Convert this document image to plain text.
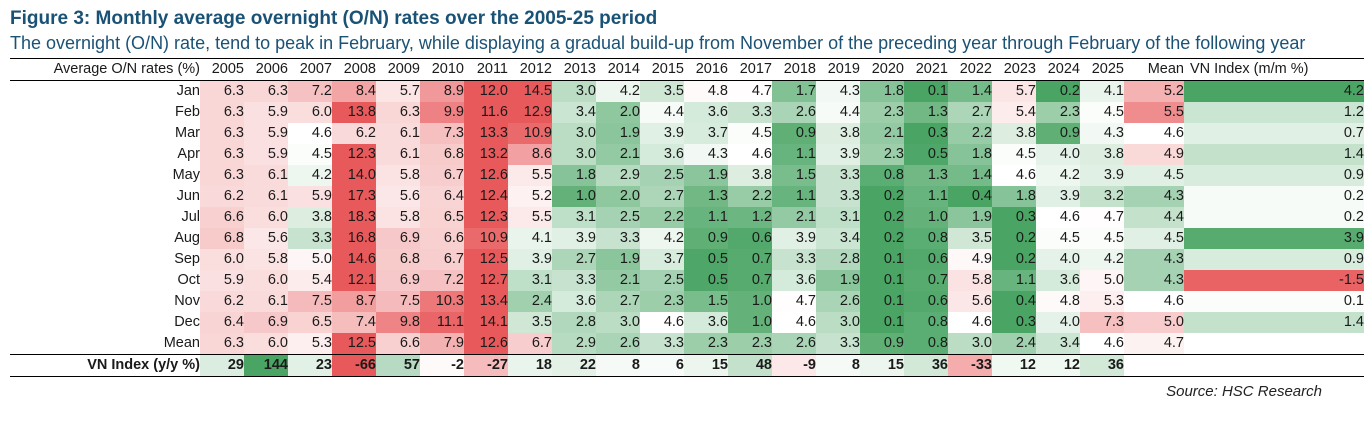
Figure 3: Monthly average overnight (O/N) rates over the 2005-25 period
The overnight (O/N) rate, tend to peak in February, while displaying a gradual build-up from November of the preceding year through February of the following year
Average O/N rates (%)	2005	2006	2007	2008	2009	2010	2011	2012	2013	2014	2015	2016	2017	2018	2019	2020	2021	2022	2023	2024	2025	Mean	VN Index (m/m %)
Jan	6.3	6.3	7.2	8.4	5.7	8.9	12.0	14.5	3.0	4.2	3.5	4.8	4.7	1.7	4.3	1.8	0.1	1.4	5.7	0.2	4.1	5.2	4.2
Feb	6.3	5.9	6.0	13.8	6.3	9.9	11.6	12.9	3.4	2.0	4.4	3.6	3.3	2.6	4.4	2.3	1.3	2.7	5.4	2.3	4.5	5.5	1.2
Mar	6.3	5.9	4.6	6.2	6.1	7.3	13.3	10.9	3.0	1.9	3.9	3.7	4.5	0.9	3.8	2.1	0.3	2.2	3.8	0.9	4.3	4.6	0.7
Apr	6.3	5.9	4.5	12.3	6.1	6.8	13.2	8.6	3.0	2.1	3.6	4.3	4.6	1.1	3.9	2.3	0.5	1.8	4.5	4.0	3.8	4.9	1.4
May	6.3	6.1	4.2	14.0	5.8	6.7	12.6	5.5	1.8	2.9	2.5	1.9	3.8	1.5	3.3	0.8	1.3	1.4	4.6	4.2	3.9	4.5	0.9
Jun	6.2	6.1	5.9	17.3	5.6	6.4	12.4	5.2	1.0	2.0	2.7	1.3	2.2	1.1	3.3	0.2	1.1	0.4	1.8	3.9	3.2	4.3	0.2
Jul	6.6	6.0	3.8	18.3	5.8	6.5	12.3	5.5	3.1	2.5	2.2	1.1	1.2	2.1	3.1	0.2	1.0	1.9	0.3	4.6	4.7	4.4	0.2
Aug	6.8	5.6	3.3	16.8	6.9	6.6	10.9	4.1	3.9	3.3	4.2	0.9	0.6	3.9	3.4	0.2	0.8	3.5	0.2	4.5	4.5	4.5	3.9
Sep	6.0	5.8	5.0	14.6	6.8	6.7	12.5	3.9	2.7	1.9	3.7	0.5	0.7	3.3	2.8	0.1	0.6	4.9	0.2	4.0	4.2	4.3	0.9
Oct	5.9	6.0	5.4	12.1	6.9	7.2	12.7	3.1	3.3	2.1	2.5	0.5	0.7	3.6	1.9	0.1	0.7	5.8	1.1	3.6	5.0	4.3	-1.5
Nov	6.2	6.1	7.5	8.7	7.5	10.3	13.4	2.4	3.6	2.7	2.3	1.5	1.0	4.7	2.6	0.1	0.6	5.6	0.4	4.8	5.3	4.6	0.1
Dec	6.4	6.9	6.5	7.4	9.8	11.1	14.1	3.5	2.8	3.0	4.6	3.6	1.0	4.6	3.0	0.1	0.8	4.6	0.3	4.0	7.3	5.0	1.4
Mean	6.3	6.0	5.3	12.5	6.6	7.9	12.6	6.7	2.9	2.6	3.3	2.3	2.3	2.6	3.3	0.9	0.8	3.0	2.4	3.4	4.6	4.7	
VN Index (y/y %)	29	144	23	-66	57	-2	-27	18	22	8	6	15	48	-9	8	15	36	-33	12	12	36		
Source: HSC Research
